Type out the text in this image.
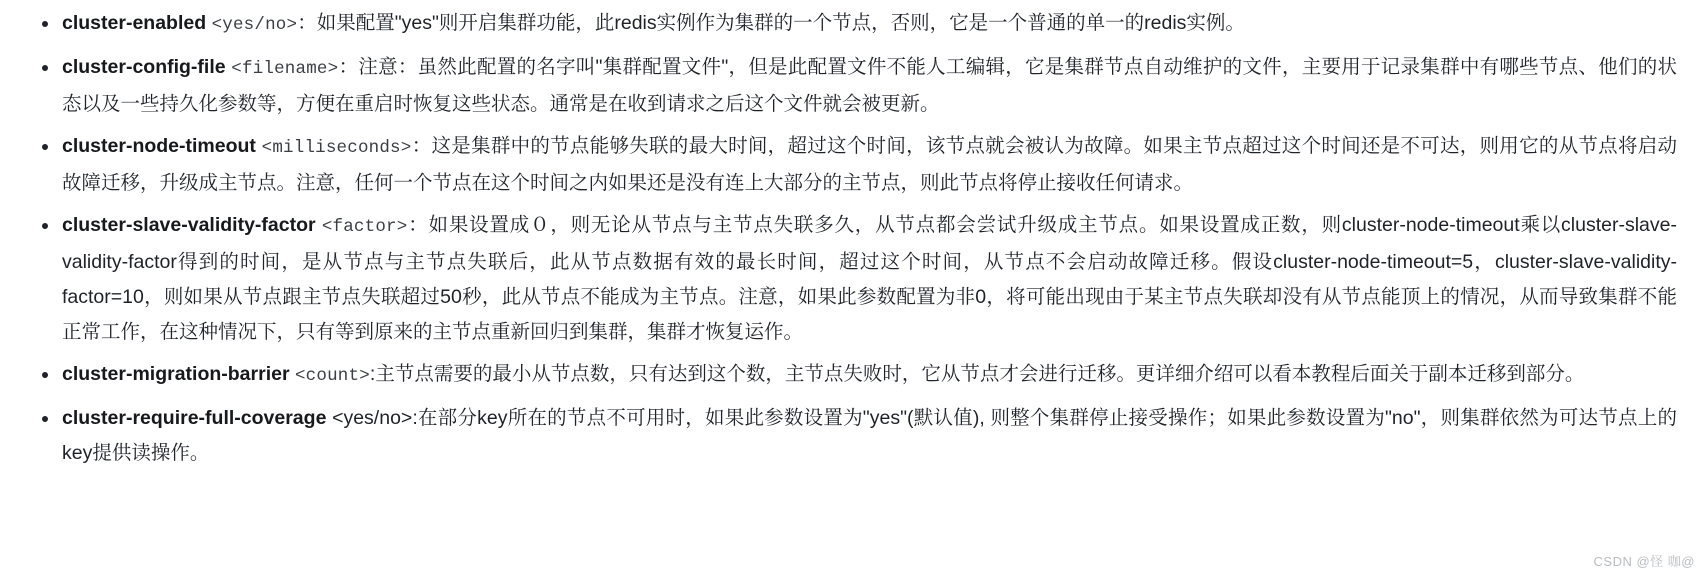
cluster-enabled <yes/no>：如果配置"yes"则开启集群功能，此redis实例作为集群的一个节点，否则，它是一个普通的单一的redis实例。
cluster-config-file <filename>：注意：虽然此配置的名字叫"集群配置文件"，但是此配置文件不能人工编辑，它是集群节点自动维护的文件，主要用于记录集群中有哪些节点、他们的状态以及一些持久化参数等，方便在重启时恢复这些状态。通常是在收到请求之后这个文件就会被更新。
cluster-node-timeout <milliseconds>：这是集群中的节点能够失联的最大时间，超过这个时间，该节点就会被认为故障。如果主节点超过这个时间还是不可达，则用它的从节点将启动故障迁移，升级成主节点。注意，任何一个节点在这个时间之内如果还是没有连上大部分的主节点，则此节点将停止接收任何请求。
cluster-slave-validity-factor <factor>：如果设置成０，则无论从节点与主节点失联多久，从节点都会尝试升级成主节点。如果设置成正数，则cluster-node-timeout乘以cluster-slave-validity-factor得到的时间，是从节点与主节点失联后，此从节点数据有效的最长时间，超过这个时间，从节点不会启动故障迁移。假设cluster-node-timeout=5，cluster-slave-validity-factor=10，则如果从节点跟主节点失联超过50秒，此从节点不能成为主节点。注意，如果此参数配置为非0，将可能出现由于某主节点失联却没有从节点能顶上的情况，从而导致集群不能正常工作，在这种情况下，只有等到原来的主节点重新回归到集群，集群才恢复运作。
cluster-migration-barrier <count>:主节点需要的最小从节点数，只有达到这个数，主节点失败时，它从节点才会进行迁移。更详细介绍可以看本教程后面关于副本迁移到部分。
cluster-require-full-coverage <yes/no>:在部分key所在的节点不可用时，如果此参数设置为"yes"(默认值), 则整个集群停止接受操作；如果此参数设置为"no"，则集群依然为可达节点上的key提供读操作。
CSDN @怪 咖@
